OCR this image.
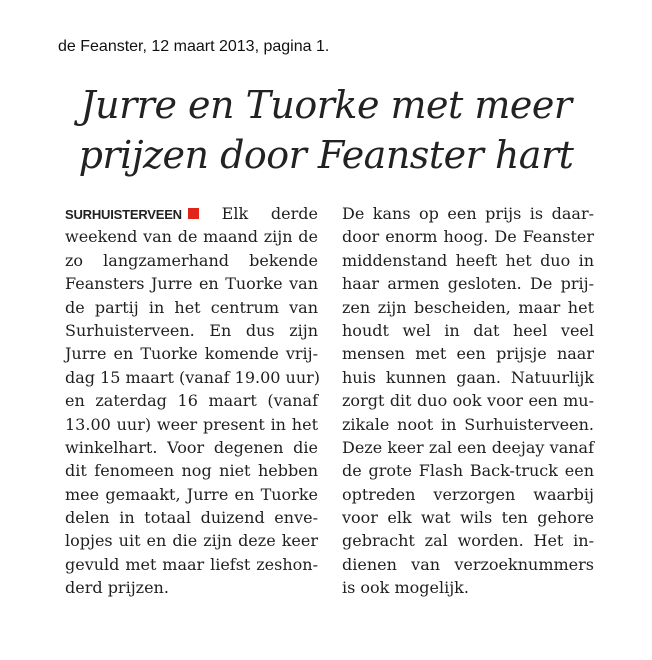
de Feanster, 12 maart 2013, pagina 1.
Jurre en Tuorke met meer
prijzen door Feanster hart
SURHUISTERVEEN Elk derde
weekend van de maand zijn de
zo langzamerhand bekende
Feansters Jurre en Tuorke van
de partij in het centrum van
Surhuisterveen. En dus zijn
Jurre en Tuorke komende vrij-
dag 15 maart (vanaf 19.00 uur)
en zaterdag 16 maart (vanaf
13.00 uur) weer present in het
winkelhart. Voor degenen die
dit fenomeen nog niet hebben
mee gemaakt, Jurre en Tuorke
delen in totaal duizend enve-
lopjes uit en die zijn deze keer
gevuld met maar liefst zeshon-
derd prijzen.
De kans op een prijs is daar-
door enorm hoog. De Feanster
middenstand heeft het duo in
haar armen gesloten. De prij-
zen zijn bescheiden, maar het
houdt wel in dat heel veel
mensen met een prijsje naar
huis kunnen gaan. Natuurlijk
zorgt dit duo ook voor een mu-
zikale noot in Surhuisterveen.
Deze keer zal een deejay vanaf
de grote Flash Back-truck een
optreden verzorgen waarbij
voor elk wat wils ten gehore
gebracht zal worden. Het in-
dienen van verzoeknummers
is ook mogelijk.
